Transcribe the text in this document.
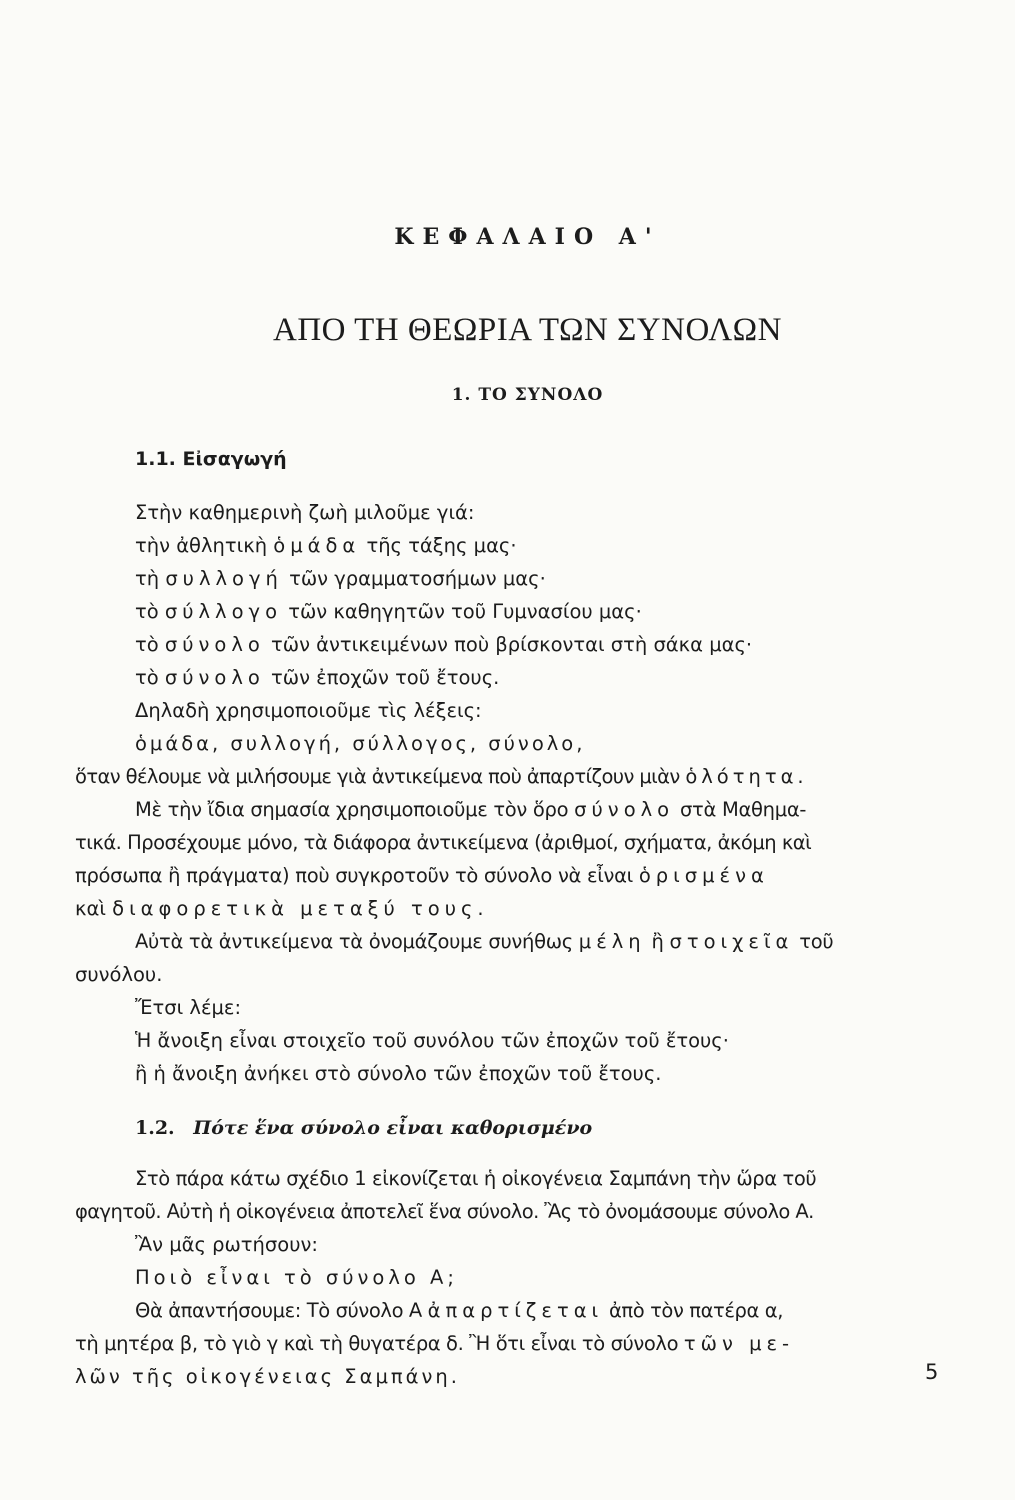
ΚΕΦΑΛΑΙΟ Α'
ΑΠΟ ΤΗ ΘΕΩΡΙΑ ΤΩΝ ΣΥΝΟΛΩΝ
1. ΤΟ ΣΥΝΟΛΟ
1.1. Εἰσαγωγή
Στὴν καθημερινὴ ζωὴ μιλοῦμε γιά:
τὴν ἀθλητικὴ ὁμάδα τῆς τάξης μας·
τὴ συλλογή τῶν γραμματοσήμων μας·
τὸ σύλλογο τῶν καθηγητῶν τοῦ Γυμνασίου μας·
τὸ σύνολο τῶν ἀντικειμένων ποὺ βρίσκονται στὴ σάκα μας·
τὸ σύνολο τῶν ἐποχῶν τοῦ ἔτους.
Δηλαδὴ χρησιμοποιοῦμε τὶς λέξεις:
ὁμάδα, συλλογή, σύλλογος, σύνολο,
ὅταν θέλουμε νὰ μιλήσουμε γιὰ ἀντικείμενα ποὺ ἀπαρτίζουν μιὰν ὁλότητα.
Μὲ τὴν ἴδια σημασία χρησιμοποιοῦμε τὸν ὅρο σύνολο στὰ Μαθημα-
τικά. Προσέχουμε μόνο, τὰ διάφορα ἀντικείμενα (ἀριθμοί, σχήματα, ἀκόμη καὶ
πρόσωπα ἢ πράγματα) ποὺ συγκροτοῦν τὸ σύνολο νὰ εἶναι ὁρισμένα
καὶ διαφορετικὰ μεταξύ τους.
Αὐτὰ τὰ ἀντικείμενα τὰ ὀνομάζουμε συνήθως μέλη ἢ στοιχεῖα τοῦ
συνόλου.
Ἔτσι λέμε:
Ἡ ἄνοιξη εἶναι στοιχεῖο τοῦ συνόλου τῶν ἐποχῶν τοῦ ἔτους·
ἢ ἡ ἄνοιξη ἀνήκει στὸ σύνολο τῶν ἐποχῶν τοῦ ἔτους.
1.2. Πότε ἕνα σύνολο εἶναι καθορισμένο
Στὸ πάρα κάτω σχέδιο 1 εἰκονίζεται ἡ οἰκογένεια Σαμπάνη τὴν ὥρα τοῦ
φαγητοῦ. Αὐτὴ ἡ οἰκογένεια ἀποτελεῖ ἕνα σύνολο. Ἂς τὸ ὀνομάσουμε σύνολο Α.
Ἂν μᾶς ρωτήσουν:
Ποιὸ εἶναι τὸ σύνολο Α;
Θὰ ἀπαντήσουμε: Τὸ σύνολο Α ἀπαρτίζεται ἀπὸ τὸν πατέρα α,
τὴ μητέρα β, τὸ γιὸ γ καὶ τὴ θυγατέρα δ. Ἢ ὅτι εἶναι τὸ σύνολο τῶν με-
λῶν τῆς οἰκογένειας Σαμπάνη.	5
